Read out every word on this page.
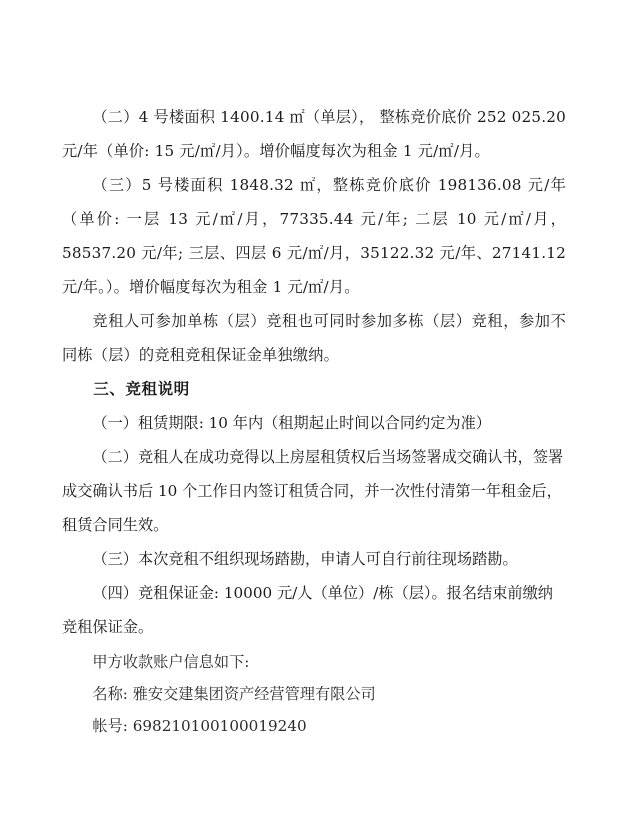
（二）4 号楼面积 1400.14 ㎡（单层）， 整栋竞价底价 252 025.20 元/年（单价: 15 元/㎡/月）。增价幅度每次为租金 1 元/㎡/月。

（三）5 号楼面积 1848.32 ㎡，整栋竞价底价 198136.08 元/年（单价: 一层 13 元/㎡/月，77335.44 元/年; 二层 10 元/㎡/月，58537.20 元/年; 三层、四层 6 元/㎡/月，35122.32 元/年、27141.12 元/年。）。增价幅度每次为租金 1 元/㎡/月。

竞租人可参加单栋（层）竞租也可同时参加多栋（层）竞租，参加不同栋（层）的竞租竞租保证金单独缴纳。

三、竞租说明

（一）租赁期限: 10 年内（租期起止时间以合同约定为准）

（二）竞租人在成功竞得以上房屋租赁权后当场签署成交确认书，签署成交确认书后 10 个工作日内签订租赁合同，并一次性付清第一年租金后，租赁合同生效。

（三）本次竞租不组织现场踏勘，申请人可自行前往现场踏勘。

（四）竞租保证金: 10000 元/人（单位）/栋（层）。报名结束前缴纳竞租保证金。

甲方收款账户信息如下:

名称: 雅安交建集团资产经营管理有限公司

帐号: 698210100100019240
